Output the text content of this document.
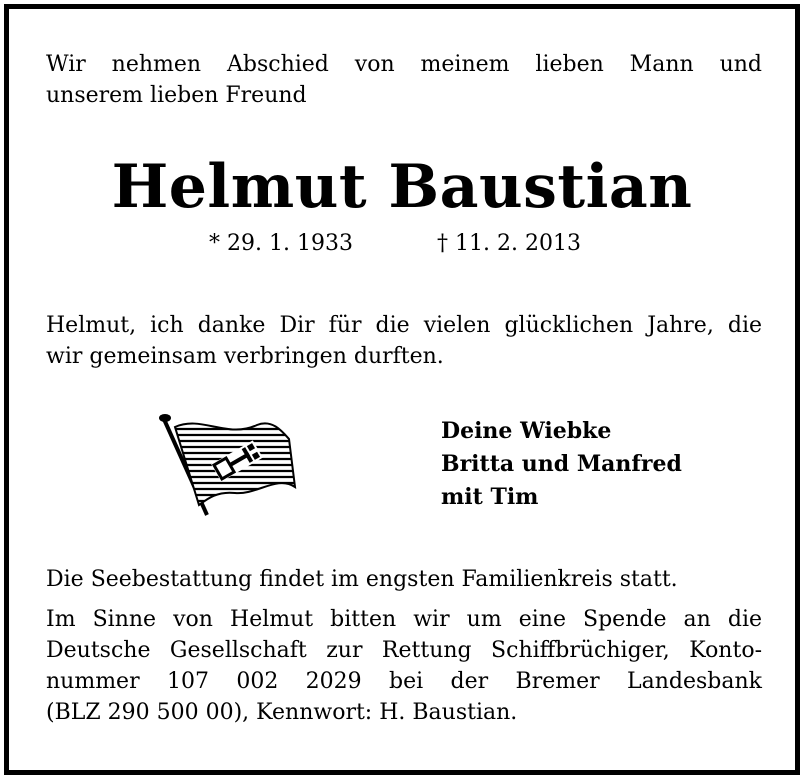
Wir nehmen Abschied von meinem lieben Mann und
unserem lieben Freund
Helmut Baustian
* 29. 1. 1933	† 11. 2. 2013
Helmut, ich danke Dir für die vielen glücklichen Jahre, die
wir gemeinsam verbringen durften.
Deine Wiebke
Britta und Manfred
mit Tim
Die Seebestattung findet im engsten Familienkreis statt.
Im Sinne von Helmut bitten wir um eine Spende an die
Deutsche Gesellschaft zur Rettung Schiffbrüchiger, Konto-
nummer 107 002 2029 bei der Bremer Landesbank
(BLZ 290 500 00), Kennwort: H. Baustian.
